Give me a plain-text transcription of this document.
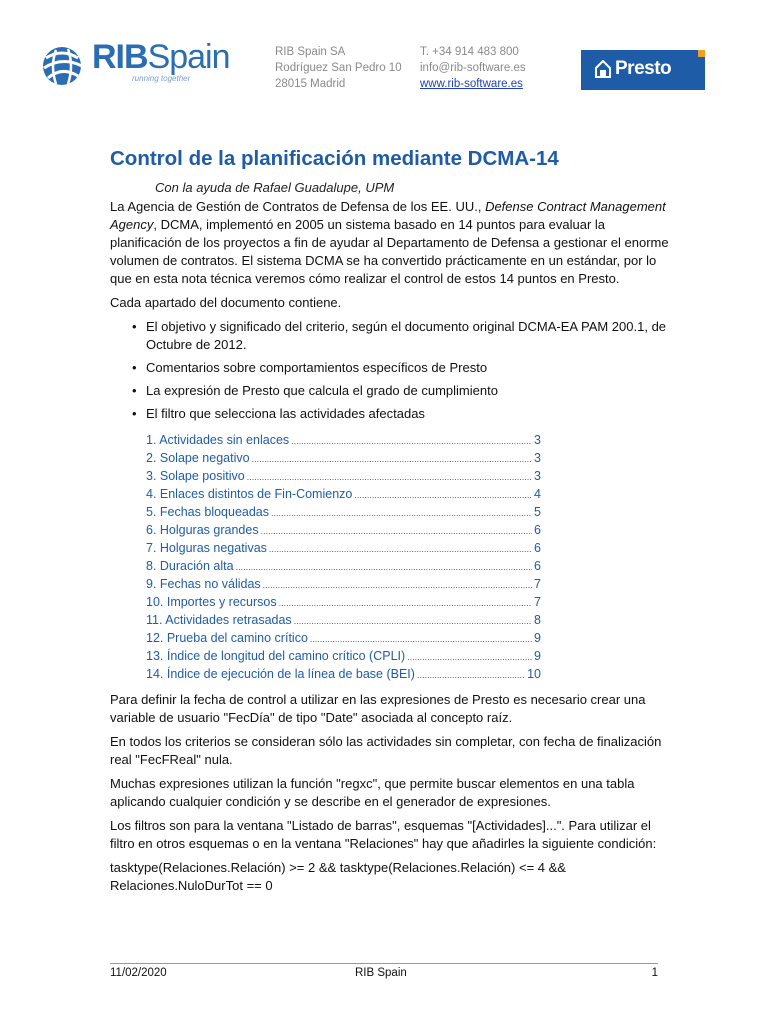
RIBSpain
running together
RIB Spain SA
Rodríguez San Pedro 10
28015 Madrid
T. +34 914 483 800
info@rib-software.es
www.rib-software.es
Presto
Control de la planificación mediante DCMA-14
Con la ayuda de Rafael Guadalupe, UPM

La Agencia de Gestión de Contratos de Defensa de los EE. UU., Defense Contract Management Agency, DCMA, implementó en 2005 un sistema basado en 14 puntos para evaluar la planificación de los proyectos a fin de ayudar al Departamento de Defensa a gestionar el enorme volumen de contratos. El sistema DCMA se ha convertido prácticamente en un estándar, por lo que en esta nota técnica veremos cómo realizar el control de estos 14 puntos en Presto.

Cada apartado del documento contiene.

• El objetivo y significado del criterio, según el documento original DCMA-EA PAM 200.1, de Octubre de 2012.
• Comentarios sobre comportamientos específicos de Presto
• La expresión de Presto que calcula el grado de cumplimiento
• El filtro que selecciona las actividades afectadas
1. Actividades sin enlaces .....	3
2. Solape negativo .....	3
3. Solape positivo .....	3
4. Enlaces distintos de Fin-Comienzo .....	4
5. Fechas bloqueadas .....	5
6. Holguras grandes .....	6
7. Holguras negativas .....	6
8. Duración alta .....	6
9. Fechas no válidas .....	7
10. Importes y recursos .....	7
11. Actividades retrasadas .....	8
12. Prueba del camino crítico .....	9
13. Índice de longitud del camino crítico (CPLI) .....	9
14. Índice de ejecución de la línea de base (BEI) .....	10

Para definir la fecha de control a utilizar en las expresiones de Presto es necesario crear una variable de usuario "FecDía" de tipo "Date" asociada al concepto raíz.

En todos los criterios se consideran sólo las actividades sin completar, con fecha de finalización real "FecFReal" nula.

Muchas expresiones utilizan la función "regxc", que permite buscar elementos en una tabla aplicando cualquier condición y se describe en el generador de expresiones.

Los filtros son para la ventana "Listado de barras", esquemas "[Actividades]...". Para utilizar el filtro en otros esquemas o en la ventana "Relaciones" hay que añadirles la siguiente condición:

tasktype(Relaciones.Relación) >= 2 && tasktype(Relaciones.Relación) <= 4 && Relaciones.NuloDurTot == 0

11/02/2020	RIB Spain	1
